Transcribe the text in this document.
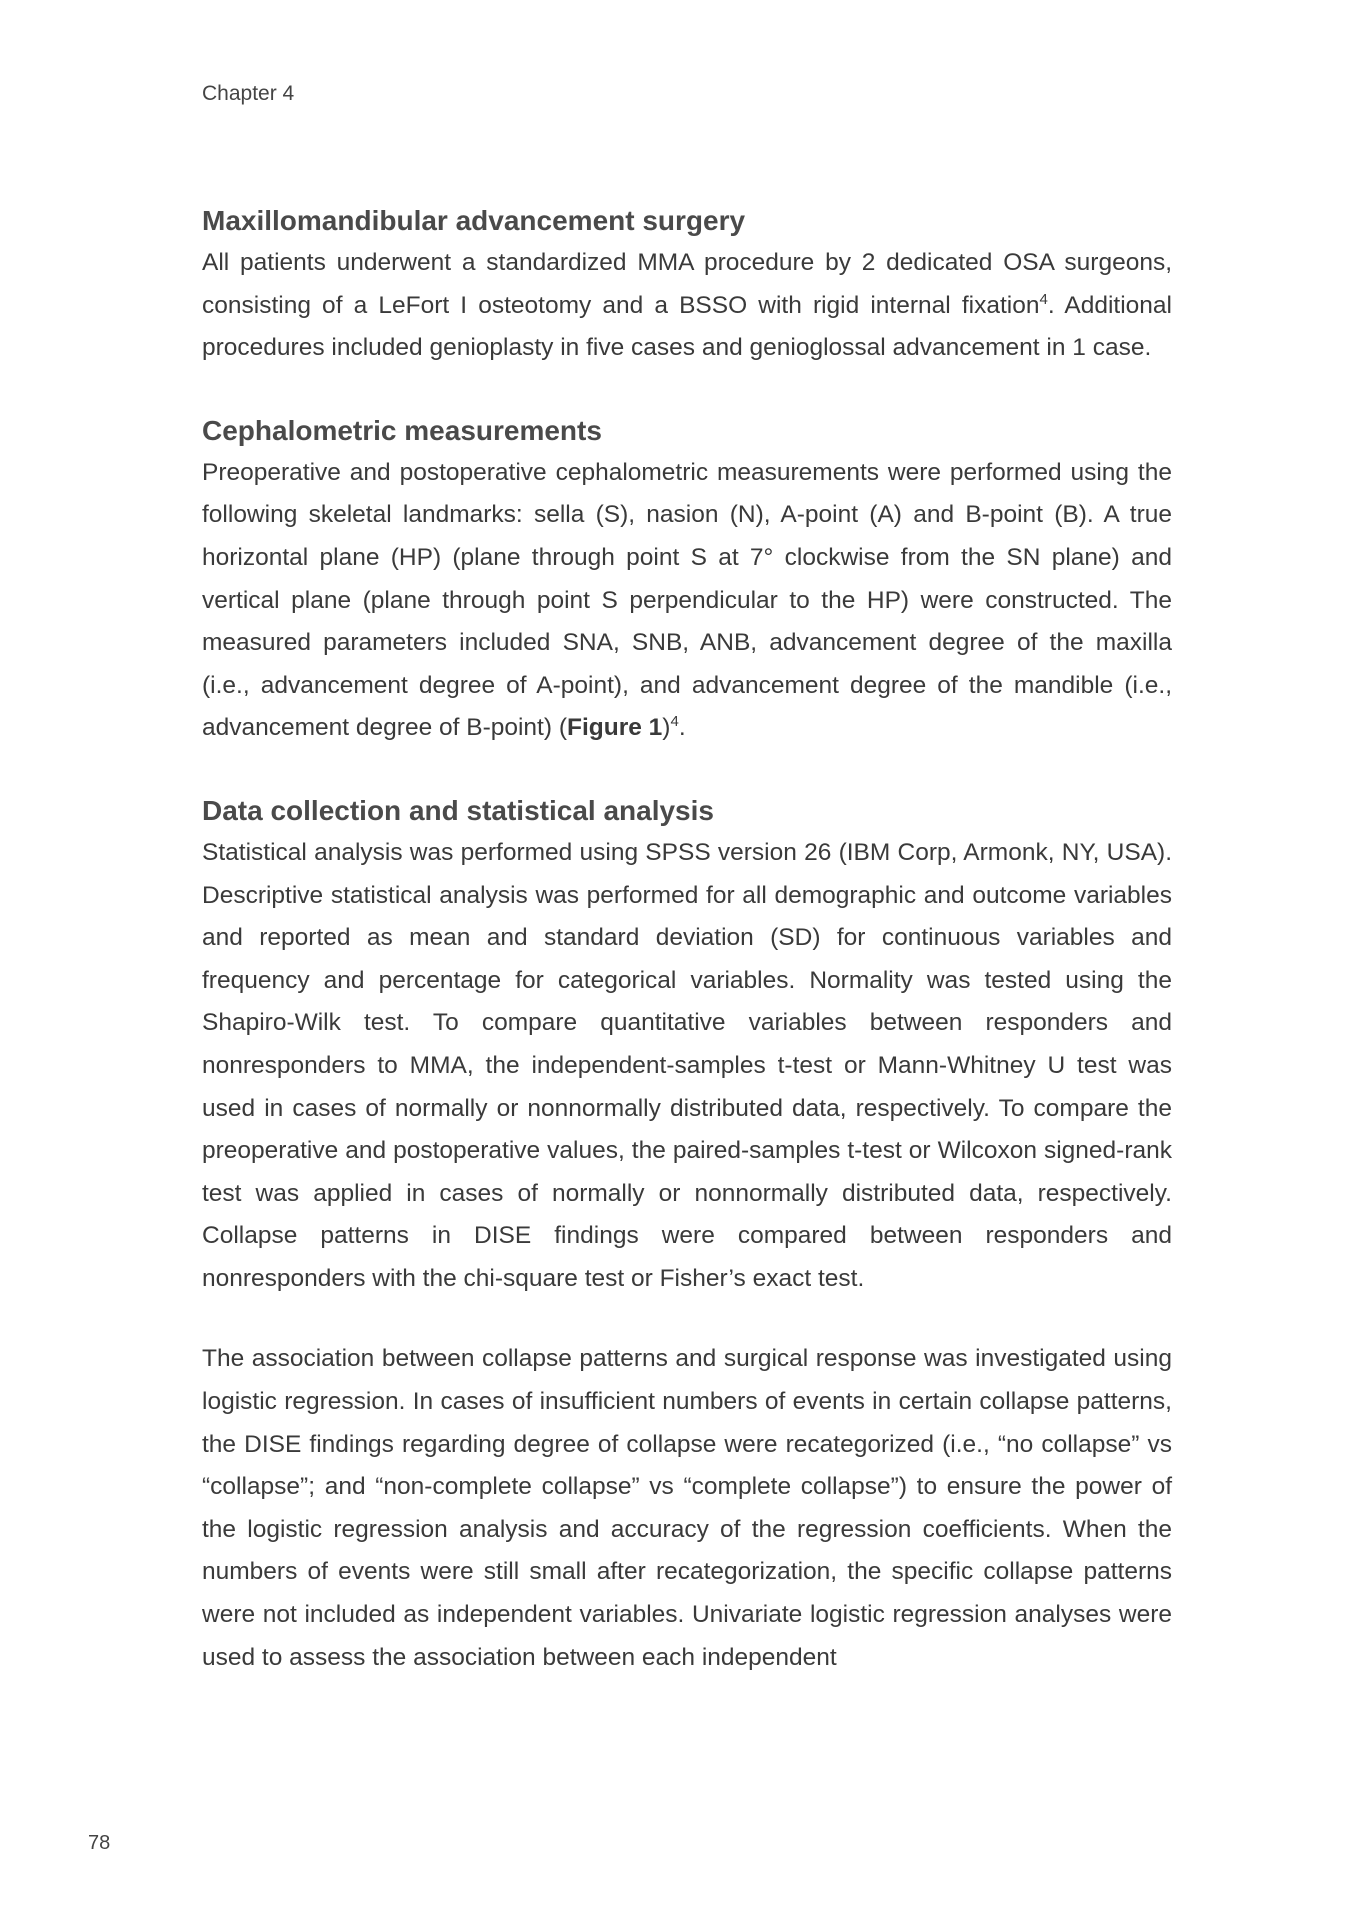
Chapter 4
Maxillomandibular advancement surgery

All patients underwent a standardized MMA procedure by 2 dedicated OSA surgeons, consisting of a LeFort I osteotomy and a BSSO with rigid internal fixation$^4$. Additional procedures included genioplasty in five cases and genioglossal advancement in 1 case.

Cephalometric measurements

Preoperative and postoperative cephalometric measurements were performed using the following skeletal landmarks: sella (S), nasion (N), A-point (A) and B-point (B). A true horizontal plane (HP) (plane through point S at 7° clockwise from the SN plane) and vertical plane (plane through point S perpendicular to the HP) were constructed. The measured parameters included SNA, SNB, ANB, advancement degree of the maxilla (i.e., advancement degree of A-point), and advancement degree of the mandible (i.e., advancement degree of B-point) (Figure 1)$^4$.

Data collection and statistical analysis

Statistical analysis was performed using SPSS version 26 (IBM Corp, Armonk, NY, USA). Descriptive statistical analysis was performed for all demographic and outcome variables and reported as mean and standard deviation (SD) for continuous variables and frequency and percentage for categorical variables. Normality was tested using the Shapiro-Wilk test. To compare quantitative variables between responders and nonresponders to MMA, the independent-samples t-test or Mann-Whitney U test was used in cases of normally or nonnormally distributed data, respectively. To compare the preoperative and postoperative values, the paired-samples t-test or Wilcoxon signed-rank test was applied in cases of normally or nonnormally distributed data, respectively. Collapse patterns in DISE findings were compared between responders and nonresponders with the chi-square test or Fisher’s exact test.

The association between collapse patterns and surgical response was investigated using logistic regression. In cases of insufficient numbers of events in certain collapse patterns, the DISE findings regarding degree of collapse were recategorized (i.e., “no collapse” vs “collapse”; and “non-complete collapse” vs “complete collapse”) to ensure the power of the logistic regression analysis and accuracy of the regression coefficients. When the numbers of events were still small after recategorization, the specific collapse patterns were not included as independent variables. Univariate logistic regression analyses were used to assess the association between each independent

78
